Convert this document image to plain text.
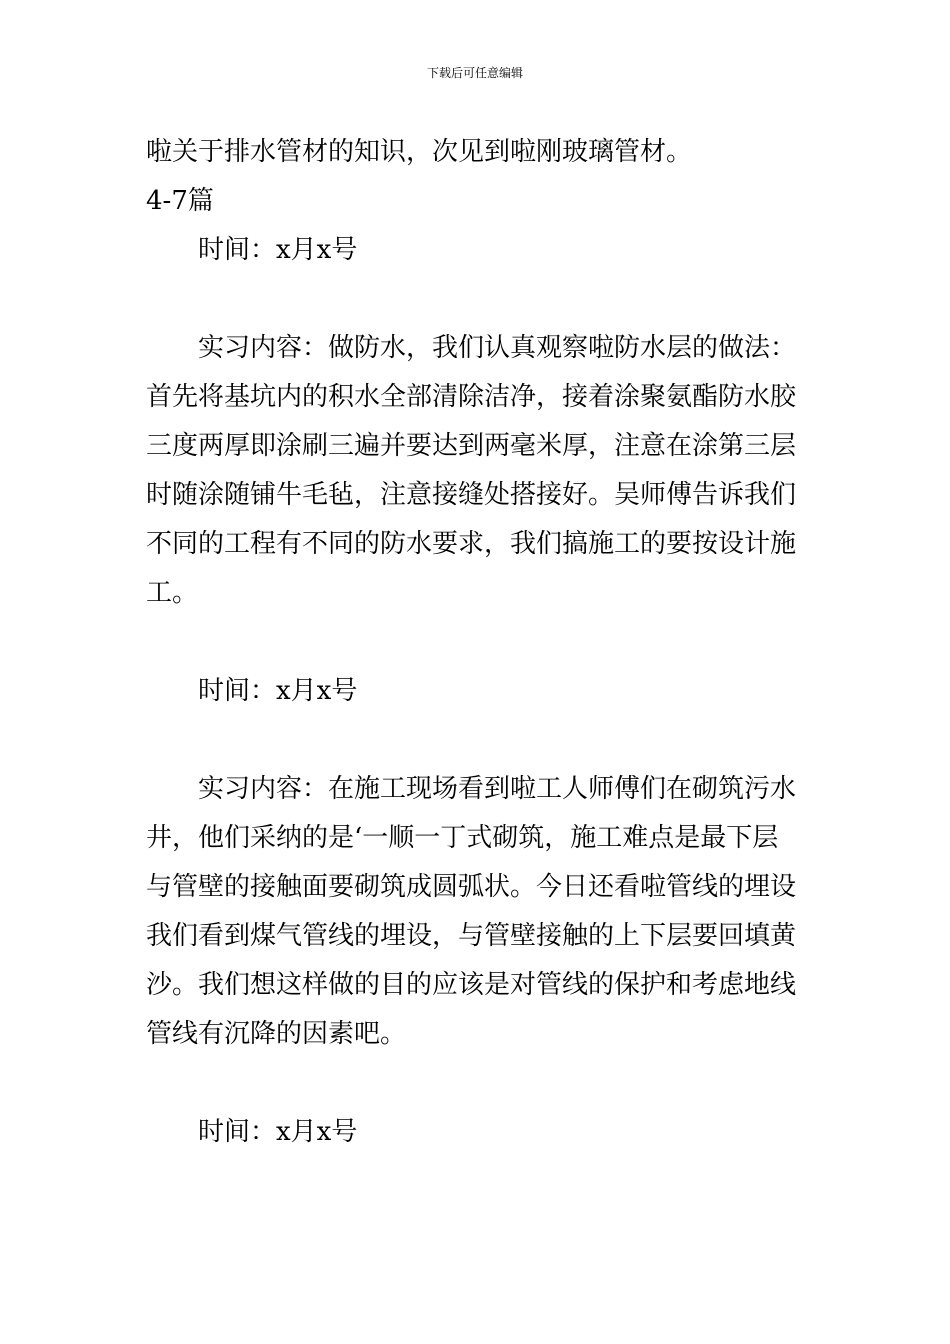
下载后可任意编辑

啦关于排水管材的知识，次见到啦刚玻璃管材。

4-7篇

时间：x月x号

实习内容：做防水，我们认真观察啦防水层的做法：

首先将基坑内的积水全部清除洁净，接着涂聚氨酯防水胶

三度两厚即涂刷三遍并要达到两毫米厚，注意在涂第三层

时随涂随铺牛毛毡，注意接缝处搭接好。吴师傅告诉我们

不同的工程有不同的防水要求，我们搞施工的要按设计施

工。

时间：x月x号

实习内容：在施工现场看到啦工人师傅们在砌筑污水

井，他们采纳的是‘一顺一丁式砌筑，施工难点是最下层

与管壁的接触面要砌筑成圆弧状。今日还看啦管线的埋设

我们看到煤气管线的埋设，与管壁接触的上下层要回填黄

沙。我们想这样做的目的应该是对管线的保护和考虑地线

管线有沉降的因素吧。

时间：x月x号
